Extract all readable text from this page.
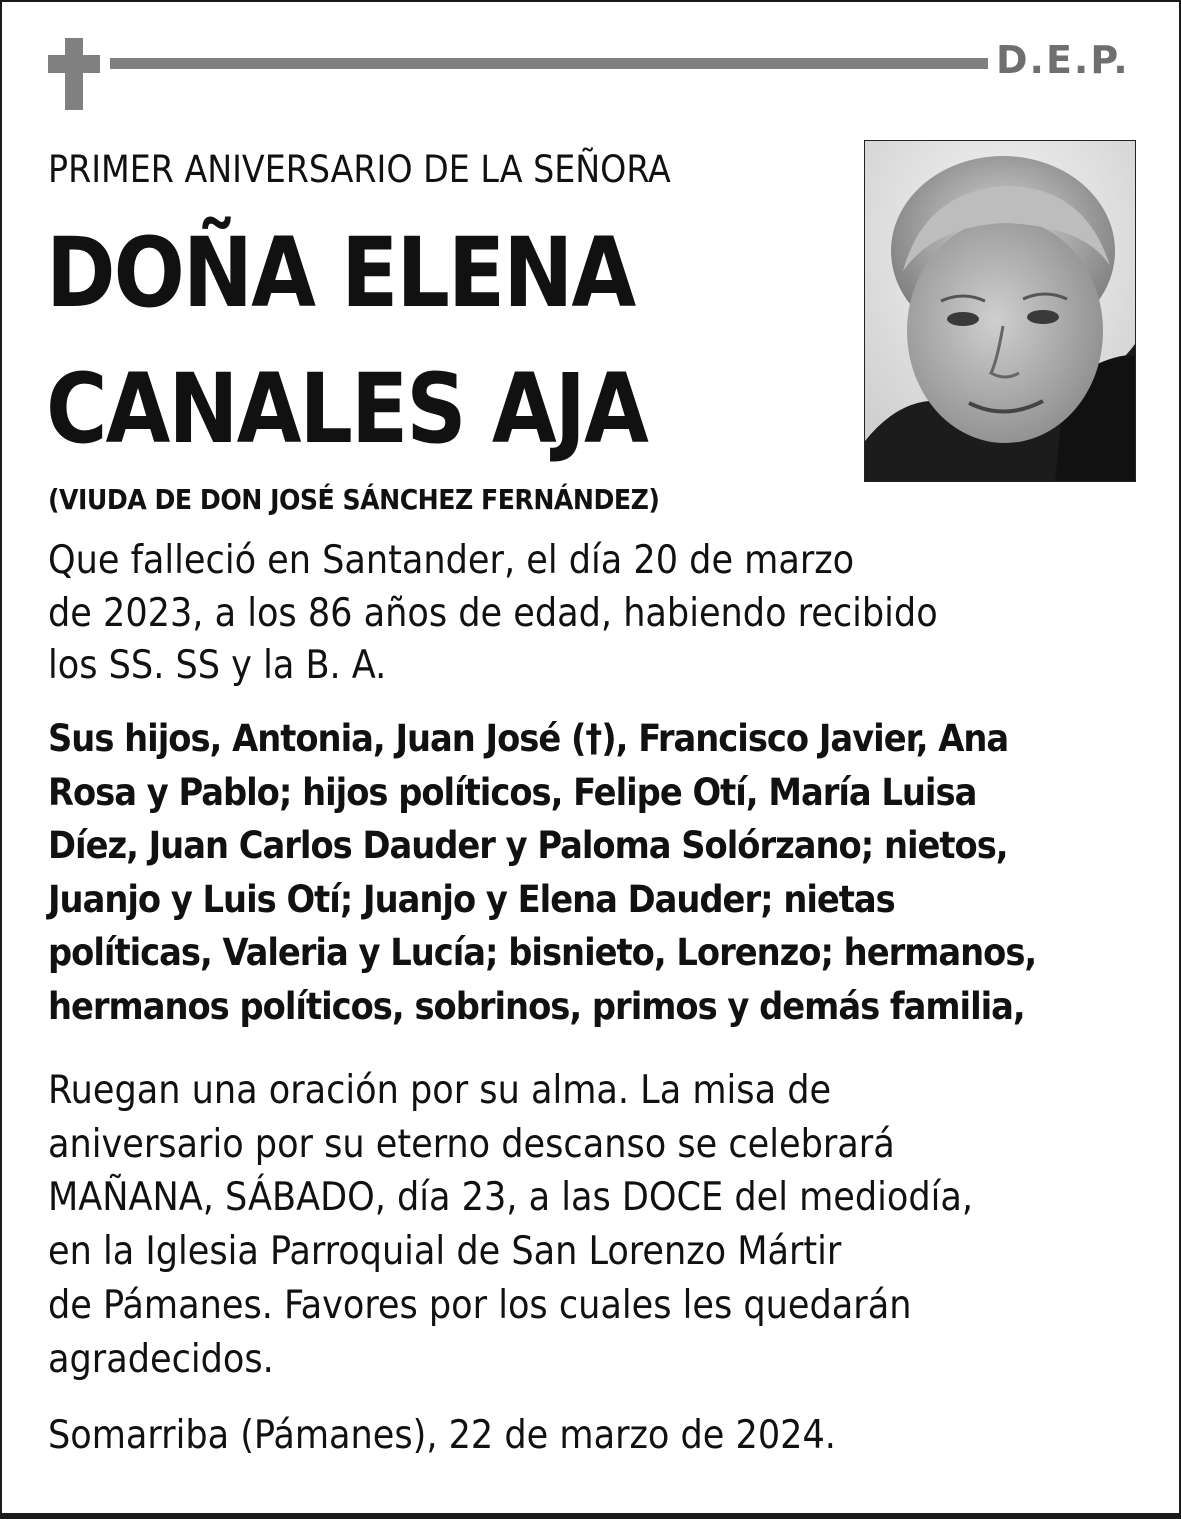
D.E.P.
PRIMER ANIVERSARIO DE LA SEÑORA
DOÑA ELENA
CANALES AJA
(VIUDA DE DON JOSÉ SÁNCHEZ FERNÁNDEZ)
Que falleció en Santander, el día 20 de marzo
de 2023, a los 86 años de edad, habiendo recibido
los SS. SS y la B. A.
Sus hijos, Antonia, Juan José (†), Francisco Javier, Ana
Rosa y Pablo; hijos políticos, Felipe Otí, María Luisa
Díez, Juan Carlos Dauder y Paloma Solórzano; nietos,
Juanjo y Luis Otí; Juanjo y Elena Dauder; nietas
políticas, Valeria y Lucía; bisnieto, Lorenzo; hermanos,
hermanos políticos, sobrinos, primos y demás familia,
Ruegan una oración por su alma. La misa de
aniversario por su eterno descanso se celebrará
MAÑANA, SÁBADO, día 23, a las DOCE del mediodía,
en la Iglesia Parroquial de San Lorenzo Mártir
de Pámanes. Favores por los cuales les quedarán
agradecidos.
Somarriba (Pámanes), 22 de marzo de 2024.
